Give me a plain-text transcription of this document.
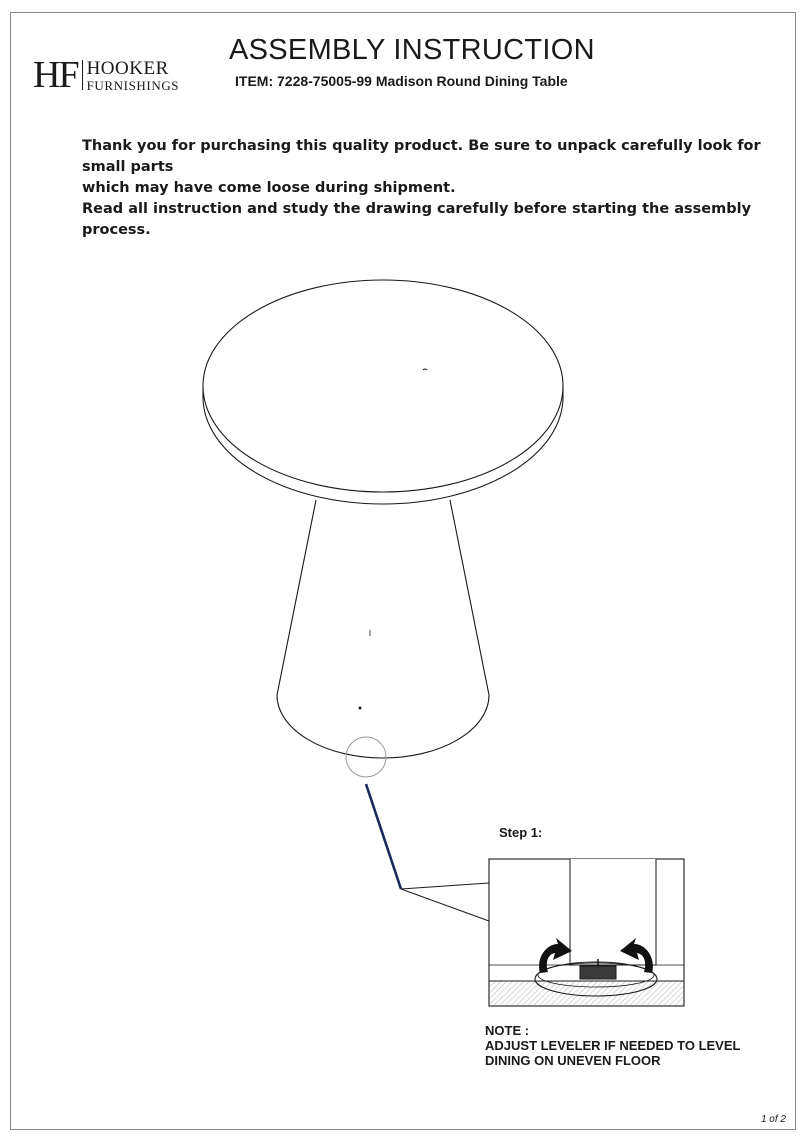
HF HOOKER
FURNISHINGS
ASSEMBLY INSTRUCTION
ITEM: 7228-75005-99 Madison Round Dining Table

Thank you for purchasing this quality product. Be sure to unpack carefully look for small parts

which may have come loose during shipment.

Read all instruction and study the drawing carefully before starting the assembly process.

Step 1:
NOTE :
ADJUST LEVELER IF NEEDED TO LEVEL
DINING ON UNEVEN FLOOR
1 of 2
